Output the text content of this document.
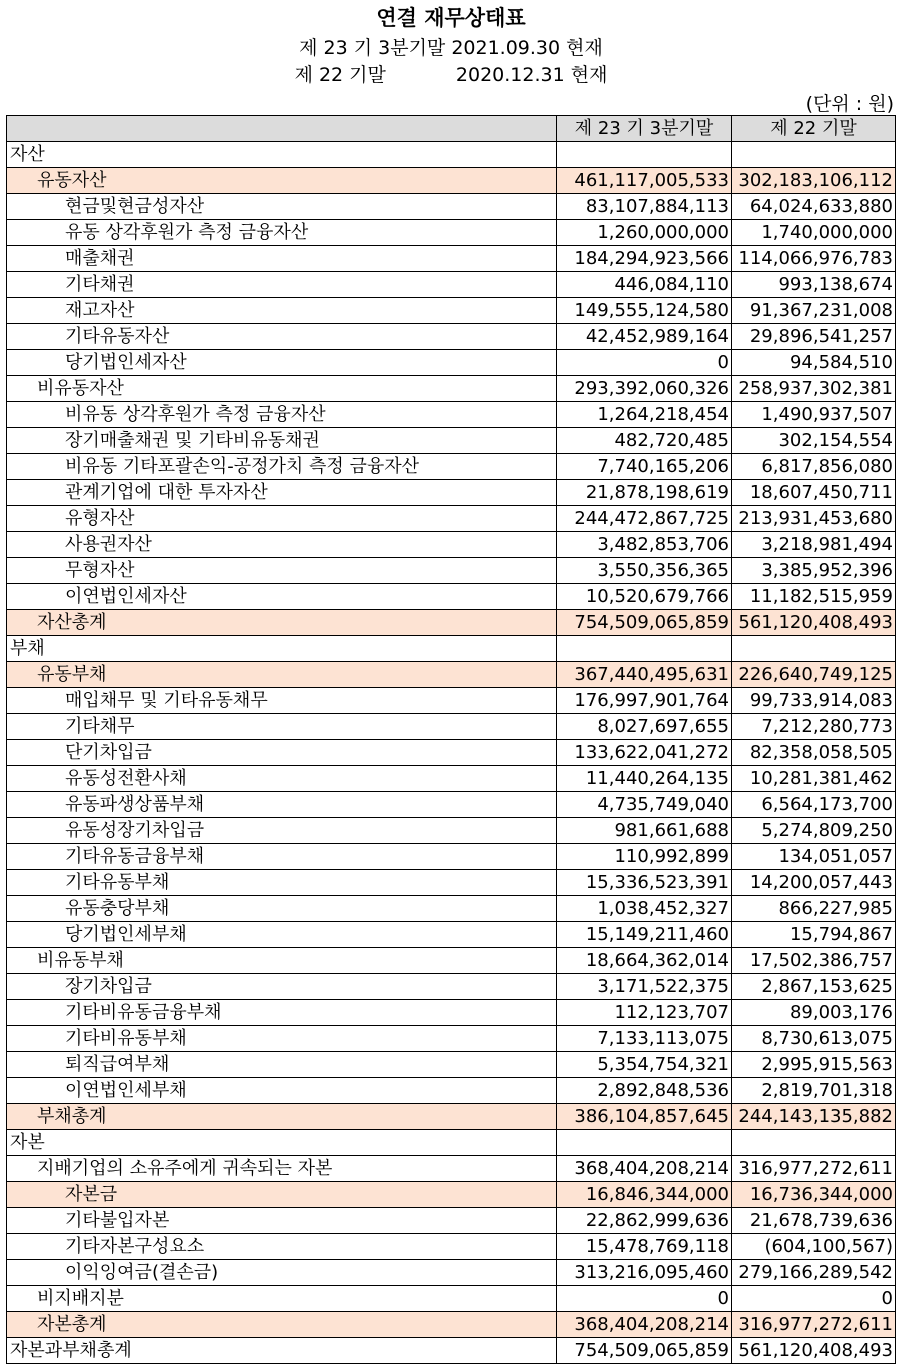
연결 재무상태표
제 23 기 3분기말 2021.09.30 현재
제 22 기말	2020.12.31 현재
(단위 : 원)
	제 23 기 3분기말	제 22 기말
자산		
유동자산	461,117,005,533	302,183,106,112
현금및현금성자산	83,107,884,113	64,024,633,880
유동 상각후원가 측정 금융자산	1,260,000,000	1,740,000,000
매출채권	184,294,923,566	114,066,976,783
기타채권	446,084,110	993,138,674
재고자산	149,555,124,580	91,367,231,008
기타유동자산	42,452,989,164	29,896,541,257
당기법인세자산	0	94,584,510
비유동자산	293,392,060,326	258,937,302,381
비유동 상각후원가 측정 금융자산	1,264,218,454	1,490,937,507
장기매출채권 및 기타비유동채권	482,720,485	302,154,554
비유동 기타포괄손익-공정가치 측정 금융자산	7,740,165,206	6,817,856,080
관계기업에 대한 투자자산	21,878,198,619	18,607,450,711
유형자산	244,472,867,725	213,931,453,680
사용권자산	3,482,853,706	3,218,981,494
무형자산	3,550,356,365	3,385,952,396
이연법인세자산	10,520,679,766	11,182,515,959
자산총계	754,509,065,859	561,120,408,493
부채		
유동부채	367,440,495,631	226,640,749,125
매입채무 및 기타유동채무	176,997,901,764	99,733,914,083
기타채무	8,027,697,655	7,212,280,773
단기차입금	133,622,041,272	82,358,058,505
유동성전환사채	11,440,264,135	10,281,381,462
유동파생상품부채	4,735,749,040	6,564,173,700
유동성장기차입금	981,661,688	5,274,809,250
기타유동금융부채	110,992,899	134,051,057
기타유동부채	15,336,523,391	14,200,057,443
유동충당부채	1,038,452,327	866,227,985
당기법인세부채	15,149,211,460	15,794,867
비유동부채	18,664,362,014	17,502,386,757
장기차입금	3,171,522,375	2,867,153,625
기타비유동금융부채	112,123,707	89,003,176
기타비유동부채	7,133,113,075	8,730,613,075
퇴직급여부채	5,354,754,321	2,995,915,563
이연법인세부채	2,892,848,536	2,819,701,318
부채총계	386,104,857,645	244,143,135,882
자본		
지배기업의 소유주에게 귀속되는 자본	368,404,208,214	316,977,272,611
자본금	16,846,344,000	16,736,344,000
기타불입자본	22,862,999,636	21,678,739,636
기타자본구성요소	15,478,769,118	(604,100,567)
이익잉여금(결손금)	313,216,095,460	279,166,289,542
비지배지분	0	0
자본총계	368,404,208,214	316,977,272,611
자본과부채총계	754,509,065,859	561,120,408,493
